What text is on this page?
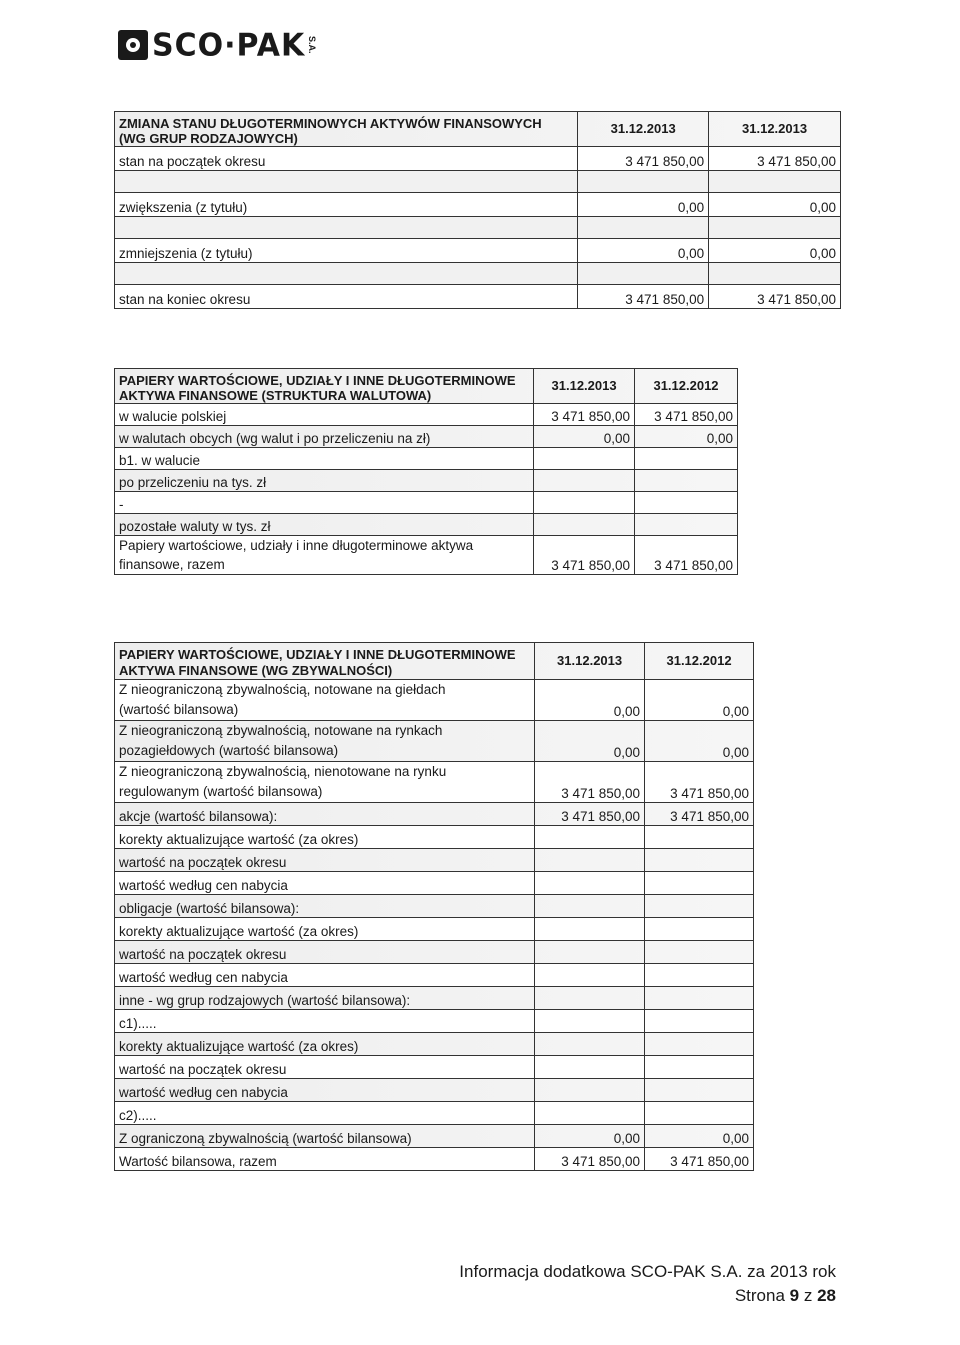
SCO·PAK S.A.
ZMIANA STANU DŁUGOTERMINOWYCH AKTYWÓW FINANSOWYCH
(WG GRUP RODZAJOWYCH)	31.12.2013	31.12.2013
stan na początek okresu	3 471 850,00	3 471 850,00

zwiększenia (z tytułu)	0,00	0,00

zmniejszenia (z tytułu)	0,00	0,00

stan na koniec okresu	3 471 850,00	3 471 850,00
PAPIERY WARTOŚCIOWE, UDZIAŁY I INNE DŁUGOTERMINOWE
AKTYWA FINANSOWE (STRUKTURA WALUTOWA)	31.12.2013	31.12.2012
w walucie polskiej	3 471 850,00	3 471 850,00
w walutach obcych (wg walut i po przeliczeniu na zł)	0,00	0,00
b1. w walucie		
po przeliczeniu na tys. zł		
-		
pozostałe waluty w tys. zł		

Papiery wartościowe, udziały i inne długoterminowe aktywa
finansowe, razem	3 471 850,00	3 471 850,00
PAPIERY WARTOŚCIOWE, UDZIAŁY I INNE DŁUGOTERMINOWE
AKTYWA FINANSOWE (WG ZBYWALNOŚCI)	31.12.2013	31.12.2012

Z nieograniczoną zbywalnością, notowane na giełdach
(wartość bilansowa)	0,00	0,00

Z nieograniczoną zbywalnością, notowane na rynkach
pozagiełdowych (wartość bilansowa)	0,00	0,00

Z nieograniczoną zbywalnością, nienotowane na rynku
regulowanym (wartość bilansowa)	3 471 850,00	3 471 850,00
akcje (wartość bilansowa):	3 471 850,00	3 471 850,00
korekty aktualizujące wartość (za okres)		
wartość na początek okresu		
wartość według cen nabycia		
obligacje (wartość bilansowa):		
korekty aktualizujące wartość (za okres)		
wartość na początek okresu		
wartość według cen nabycia		
inne - wg grup rodzajowych (wartość bilansowa):		
c1).....		
korekty aktualizujące wartość (za okres)		
wartość na początek okresu		
wartość według cen nabycia		
c2).....		
Z ograniczoną zbywalnością (wartość bilansowa)	0,00	0,00
Wartość bilansowa, razem	3 471 850,00	3 471 850,00
Informacja dodatkowa SCO-PAK S.A. za 2013 rok
Strona 9 z 28
